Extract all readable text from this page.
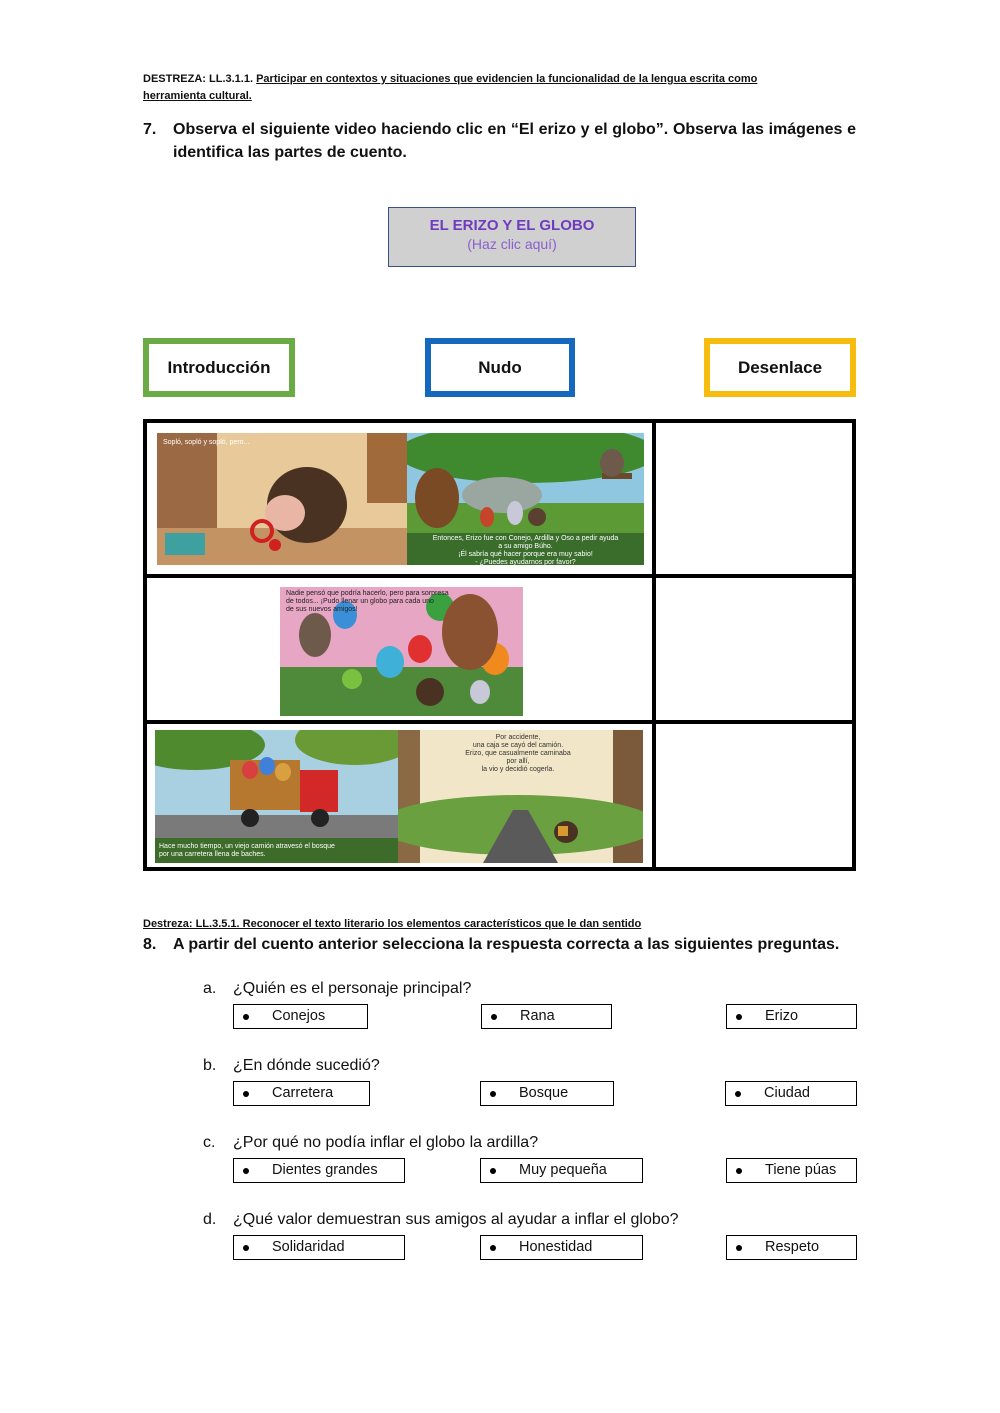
DESTREZA: LL.3.1.1. Participar en contextos y situaciones que evidencien la funcionalidad de la lengua escrita como
herramienta cultural.
7. Observa el siguiente video haciendo clic en “El erizo y el globo”. Observa las imágenes e identifica las partes de cuento.
EL ERIZO Y EL GLOBO
(Haz clic aquí)
Introducción	Nudo	Desenlace
Sopló, sopló y sopló, pero...
Entonces, Erizo fue con Conejo, Ardilla y Oso a pedir ayuda
a su amigo Búho.
¡Él sabría qué hacer porque era muy sabio!
- ¿Puedes ayudarnos por favor?
Nadie pensó que podría hacerlo, pero para sorpresa
de todos... ¡Pudo llenar un globo para cada uno
de sus nuevos amigos!
Hace mucho tiempo, un viejo camión atravesó el bosque
por una carretera llena de baches.
Por accidente,
una caja se cayó del camión.
Erizo, que casualmente caminaba
por allí,
la vio y decidió cogerla.
Destreza: LL.3.5.1. Reconocer el texto literario los elementos característicos que le dan sentido
8. A partir del cuento anterior selecciona la respuesta correcta a las siguientes preguntas.
a. ¿Quién es el personaje principal?
Conejos	Rana	Erizo
b. ¿En dónde sucedió?
Carretera	Bosque	Ciudad
c. ¿Por qué no podía inflar el globo la ardilla?
Dientes grandes	Muy pequeña	Tiene púas
d. ¿Qué valor demuestran sus amigos al ayudar a inflar el globo?
Solidaridad	Honestidad	Respeto
